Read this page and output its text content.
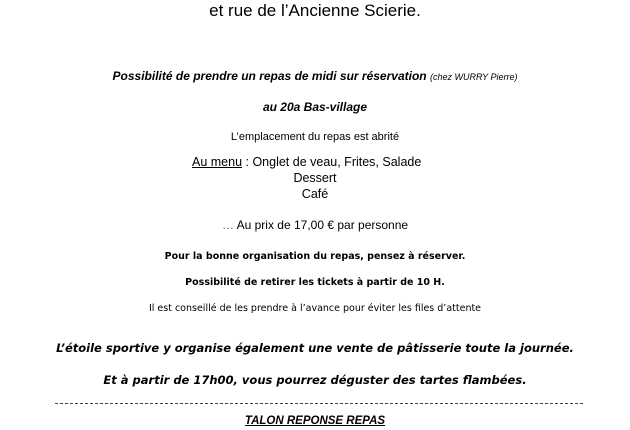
et rue de l’Ancienne Scierie.
Possibilité de prendre un repas de midi sur réservation (chez WURRY Pierre)
au 20a Bas-village
L’emplacement du repas est abrité
Au menu : Onglet de veau, Frites, Salade
Dessert
Café
… Au prix de 17,00 € par personne
Pour la bonne organisation du repas, pensez à réserver.
Possibilité de retirer les tickets à partir de 10 H.
Il est conseillé de les prendre à l’avance pour éviter les files d’attente
L’étoile sportive y organise également une vente de pâtisserie toute la journée.
Et à partir de 17h00, vous pourrez déguster des tartes flambées.
TALON REPONSE REPAS
